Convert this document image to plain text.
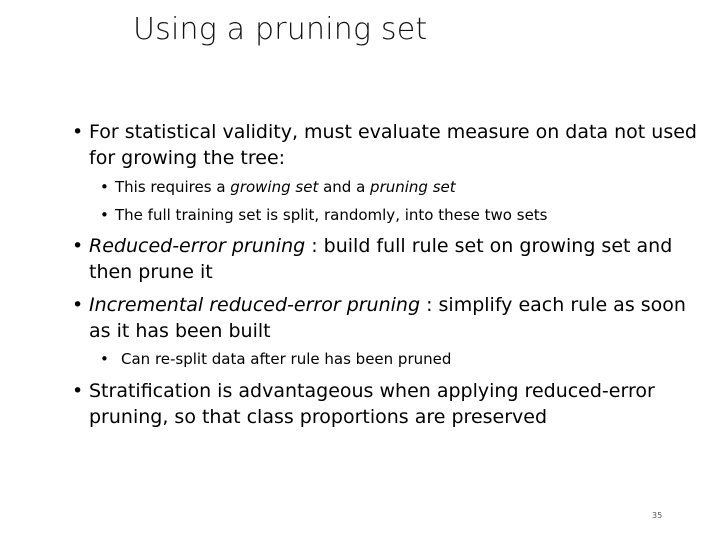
Using a pruning set
• For statistical validity, must evaluate measure on data not used for growing the tree:
• This requires a growing set and a pruning set
• The full training set is split, randomly, into these two sets
• Reduced-error pruning : build full rule set on growing set and then prune it
• Incremental reduced-error pruning : simplify each rule as soon as it has been built
• Can re-split data after rule has been pruned
• Stratification is advantageous when applying reduced-error pruning, so that class proportions are preserved
35
